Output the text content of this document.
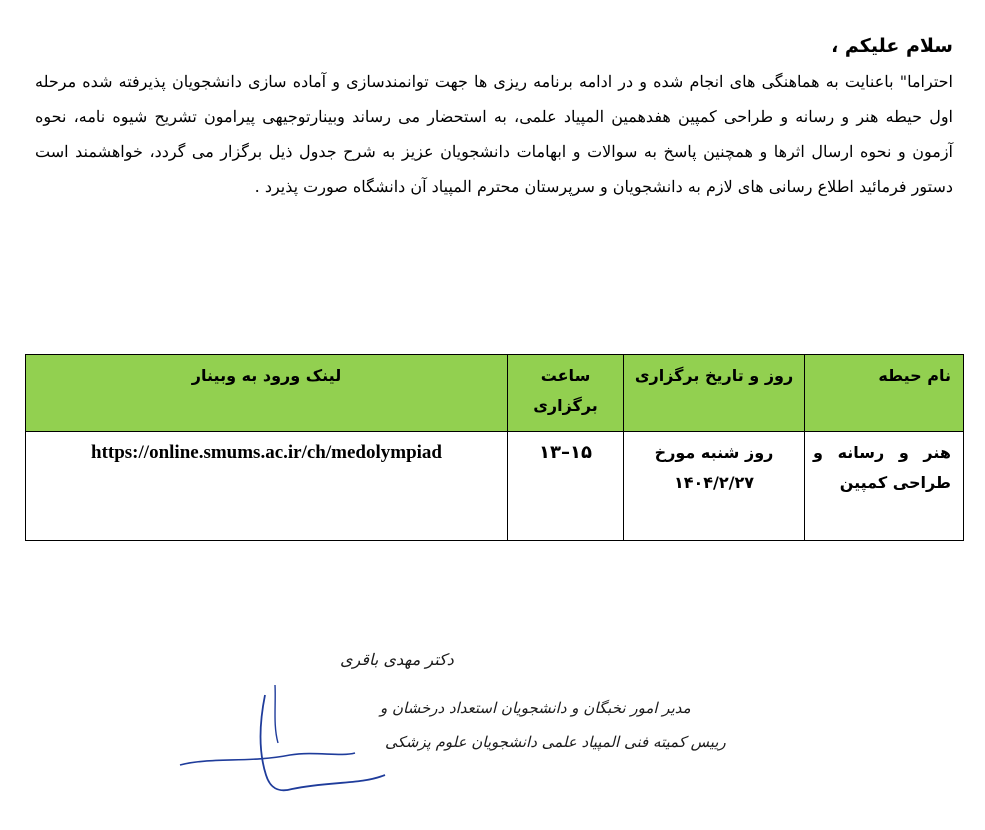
سلام علیکم ،

احتراما" باعنایت به هماهنگی های انجام شده و در ادامه برنامه ریزی ها جهت توانمندسازی و آماده سازی دانشجویان پذیرفته شده مرحله اول حیطه هنر و رسانه و طراحی کمپین هفدهمین المپیاد علمی، به استحضار می رساند وبینارتوجیهی پیرامون تشریح شیوه نامه، نحوه آزمون و نحوه ارسال اثرها و همچنین پاسخ به سوالات و ابهامات دانشجویان عزیز به شرح جدول ذیل برگزار می گردد، خواهشمند است دستور فرمائید اطلاع رسانی های لازم به دانشجویان و سرپرستان محترم المپیاد آن دانشگاه صورت پذیرد .

نام حیطه	روز و تاریخ برگزاری	ساعت برگزاری	لینک ورود به وبینار
هنر و رسانه و طراحی کمپین	روز شنبه مورخ ۱۴۰۴/۲/۲۷	۱۵–۱۳	https://online.smums.ac.ir/ch/medolympiad
دکتر مهدی باقری
مدیر امور نخبگان و دانشجویان استعداد درخشان و
رییس کمیته فنی المپیاد علمی دانشجویان علوم پزشکی
